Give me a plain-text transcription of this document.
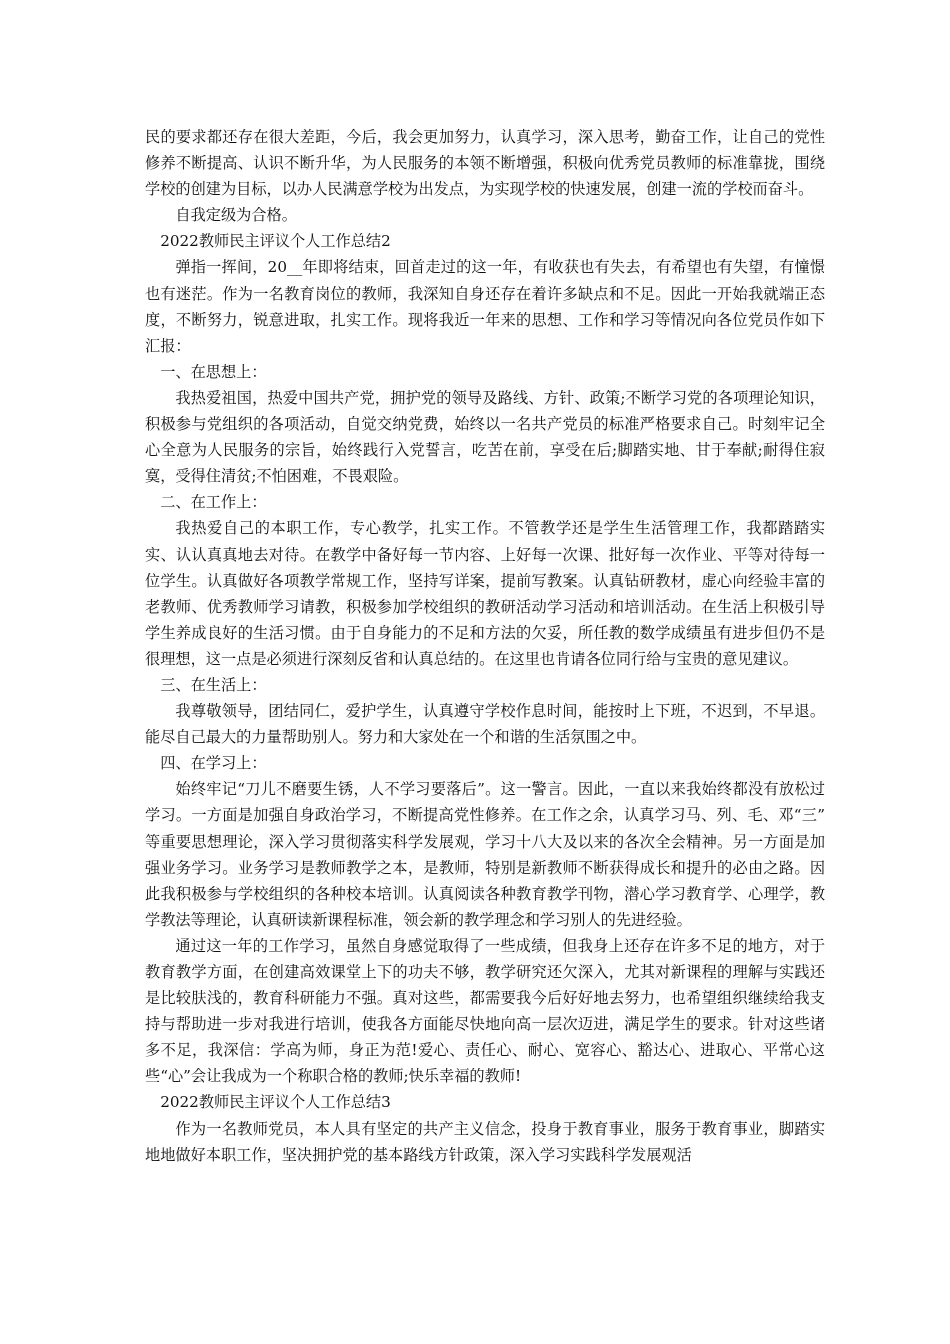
民的要求都还存在很大差距，今后，我会更加努力，认真学习，深入思考，勤奋工作，让自己的党性修养不断提高、认识不断升华，为人民服务的本领不断增强，积极向优秀党员教师的标准靠拢，围绕学校的创建为目标，以办人民满意学校为出发点，为实现学校的快速发展，创建一流的学校而奋斗。

自我定级为合格。

2022教师民主评议个人工作总结2

弹指一挥间，20__年即将结束，回首走过的这一年，有收获也有失去，有希望也有失望，有憧憬也有迷茫。作为一名教育岗位的教师，我深知自身还存在着许多缺点和不足。因此一开始我就端正态度，不断努力，锐意进取，扎实工作。现将我近一年来的思想、工作和学习等情况向各位党员作如下汇报：

一、在思想上：

我热爱祖国，热爱中国共产党，拥护党的领导及路线、方针、政策;不断学习党的各项理论知识，积极参与党组织的各项活动，自觉交纳党费，始终以一名共产党员的标准严格要求自己。时刻牢记全心全意为人民服务的宗旨，始终践行入党誓言，吃苦在前，享受在后;脚踏实地、甘于奉献;耐得住寂寞，受得住清贫;不怕困难，不畏艰险。

二、在工作上：

我热爱自己的本职工作，专心教学，扎实工作。不管教学还是学生生活管理工作，我都踏踏实实、认认真真地去对待。在教学中备好每一节内容、上好每一次课、批好每一次作业、平等对待每一位学生。认真做好各项教学常规工作，坚持写详案，提前写教案。认真钻研教材，虚心向经验丰富的老教师、优秀教师学习请教，积极参加学校组织的教研活动学习活动和培训活动。在生活上积极引导学生养成良好的生活习惯。由于自身能力的不足和方法的欠妥，所任教的数学成绩虽有进步但仍不是很理想，这一点是必须进行深刻反省和认真总结的。在这里也肯请各位同行给与宝贵的意见建议。

三、在生活上：

我尊敬领导，团结同仁，爱护学生，认真遵守学校作息时间，能按时上下班，不迟到，不早退。能尽自己最大的力量帮助别人。努力和大家处在一个和谐的生活氛围之中。

四、在学习上：

始终牢记“刀儿不磨要生锈，人不学习要落后”。这一警言。因此，一直以来我始终都没有放松过学习。一方面是加强自身政治学习，不断提高党性修养。在工作之余，认真学习马、列、毛、邓“三” 等重要思想理论，深入学习贯彻落实科学发展观，学习十八大及以来的各次全会精神。另一方面是加强业务学习。业务学习是教师教学之本，是教师，特别是新教师不断获得成长和提升的必由之路。因此我积极参与学校组织的各种校本培训。认真阅读各种教育教学刊物，潜心学习教育学、心理学，教学教法等理论，认真研读新课程标准，领会新的教学理念和学习别人的先进经验。

通过这一年的工作学习，虽然自身感觉取得了一些成绩，但我身上还存在许多不足的地方，对于教育教学方面，在创建高效课堂上下的功夫不够，教学研究还欠深入，尤其对新课程的理解与实践还是比较肤浅的，教育科研能力不强。真对这些，都需要我今后好好地去努力，也希望组织继续给我支持与帮助进一步对我进行培训，使我各方面能尽快地向高一层次迈进，满足学生的要求。针对这些诸多不足，我深信：学高为师，身正为范!爱心、责任心、耐心、宽容心、豁达心、进取心、平常心这些“心”会让我成为一个称职合格的教师;快乐幸福的教师!

2022教师民主评议个人工作总结3

作为一名教师党员，本人具有坚定的共产主义信念，投身于教育事业，服务于教育事业，脚踏实地地做好本职工作，坚决拥护党的基本路线方针政策，深入学习实践科学发展观活
